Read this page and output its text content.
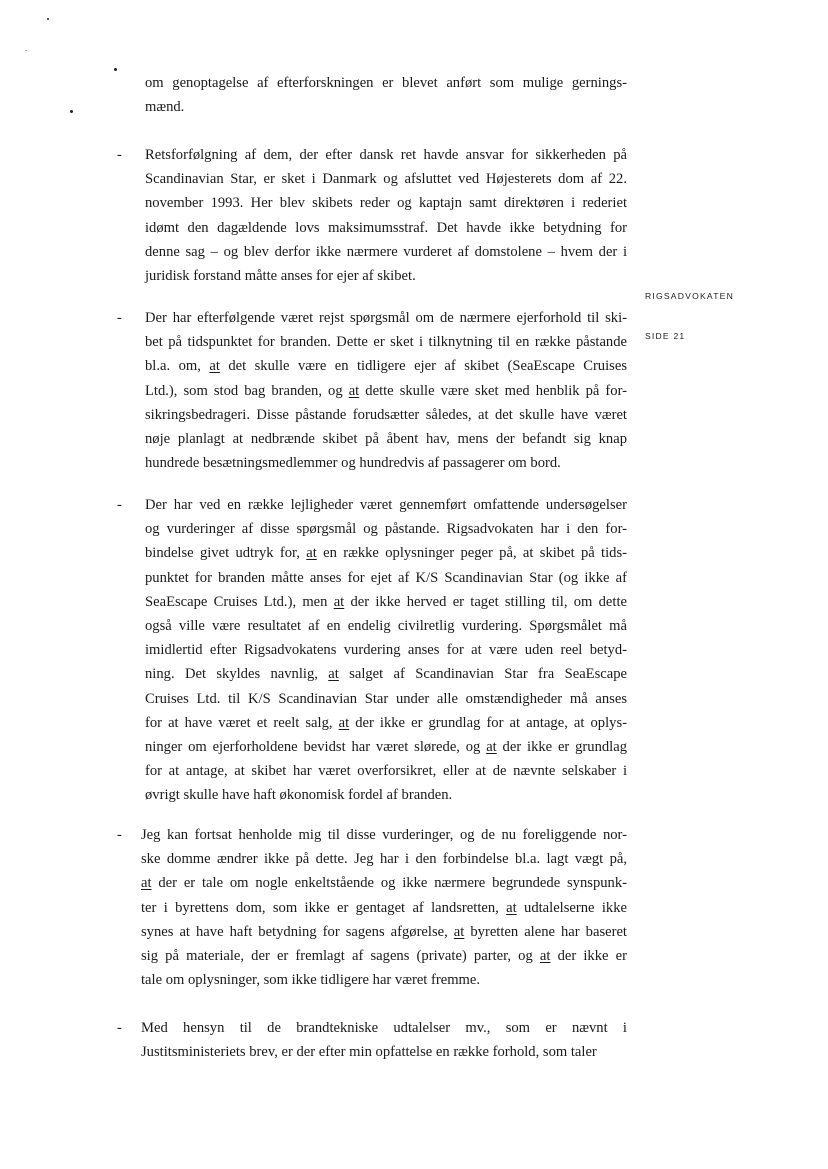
RIGSADVOKATEN
SIDE 21
om genoptagelse af efterforskningen er blevet anført som mulige gernings-
mænd.
- Retsforfølgning af dem, der efter dansk ret havde ansvar for sikkerheden på
Scandinavian Star, er sket i Danmark og afsluttet ved Højesterets dom af 22.
november 1993. Her blev skibets reder og kaptajn samt direktøren i rederiet
idømt den dagældende lovs maksimumsstraf. Det havde ikke betydning for
denne sag – og blev derfor ikke nærmere vurderet af domstolene – hvem der i
juridisk forstand måtte anses for ejer af skibet.
- Der har efterfølgende været rejst spørgsmål om de nærmere ejerforhold til ski-
bet på tidspunktet for branden. Dette er sket i tilknytning til en række påstande
bl.a. om, at det skulle være en tidligere ejer af skibet (SeaEscape Cruises
Ltd.), som stod bag branden, og at dette skulle være sket med henblik på for-
sikringsbedrageri. Disse påstande forudsætter således, at det skulle have været
nøje planlagt at nedbrænde skibet på åbent hav, mens der befandt sig knap
hundrede besætningsmedlemmer og hundredvis af passagerer om bord.
- Der har ved en række lejligheder været gennemført omfattende undersøgelser
og vurderinger af disse spørgsmål og påstande. Rigsadvokaten har i den for-
bindelse givet udtryk for, at en række oplysninger peger på, at skibet på tids-
punktet for branden måtte anses for ejet af K/S Scandinavian Star (og ikke af
SeaEscape Cruises Ltd.), men at der ikke herved er taget stilling til, om dette
også ville være resultatet af en endelig civilretlig vurdering. Spørgsmålet må
imidlertid efter Rigsadvokatens vurdering anses for at være uden reel betyd-
ning. Det skyldes navnlig, at salget af Scandinavian Star fra SeaEscape
Cruises Ltd. til K/S Scandinavian Star under alle omstændigheder må anses
for at have været et reelt salg, at der ikke er grundlag for at antage, at oplys-
ninger om ejerforholdene bevidst har været slørede, og at der ikke er grundlag
for at antage, at skibet har været overforsikret, eller at de nævnte selskaber i
øvrigt skulle have haft økonomisk fordel af branden.
- Jeg kan fortsat henholde mig til disse vurderinger, og de nu foreliggende nor-
ske domme ændrer ikke på dette. Jeg har i den forbindelse bl.a. lagt vægt på,
at der er tale om nogle enkeltstående og ikke nærmere begrundede synspunk-
ter i byrettens dom, som ikke er gentaget af landsretten, at udtalelserne ikke
synes at have haft betydning for sagens afgørelse, at byretten alene har baseret
sig på materiale, der er fremlagt af sagens (private) parter, og at der ikke er
tale om oplysninger, som ikke tidligere har været fremme.
- Med hensyn til de brandtekniske udtalelser mv., som er nævnt i
Justitsministeriets brev, er der efter min opfattelse en række forhold, som taler
